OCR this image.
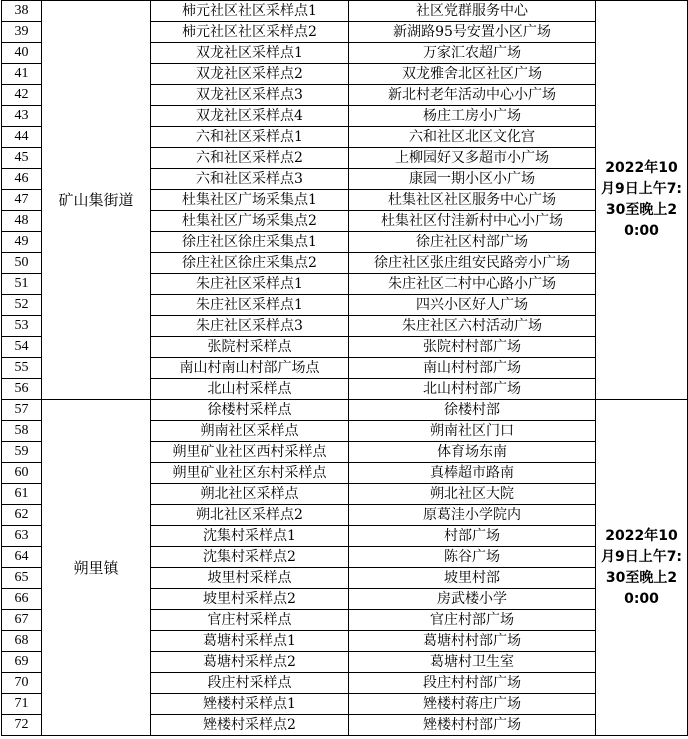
38	矿山集街道	柿元社区社区采样点1	社区党群服务中心	2022年10月9日上午7:30至晚上20:00

39		柿元社区社区采样点2	新湖路95号安置小区广场	
40		双龙社区采样点1	万家汇农超广场	
41		双龙社区采样点2	双龙雅舍北区社区广场	
42		双龙社区采样点3	新北村老年活动中心小广场	
43		双龙社区采样点4	杨庄工房小广场	
44		六和社区采样点1	六和社区北区文化宫	
45		六和社区采样点2	上柳园好又多超市小广场	
46		六和社区采样点3	康园一期小区小广场	
47		杜集社区广场采集点1	杜集社区社区服务中心广场	
48		杜集社区广场采集点2	杜集社区付洼新村中心小广场	
49		徐庄社区徐庄采集点1	徐庄社区村部广场	
50		徐庄社区徐庄采集点2	徐庄社区张庄组安民路旁小广场	
51		朱庄社区采样点1	朱庄社区二村中心路小广场	
52		朱庄社区采样点1	四兴小区好人广场	
53		朱庄社区采样点3	朱庄社区六村活动广场	
54		张院村采样点	张院村村部广场	
55		南山村南山村部广场点	南山村村部广场	
56		北山村采样点	北山村村部广场	
57	朔里镇	徐楼村采样点	徐楼村部	2022年10月9日上午7:30至晚上20:00

58		朔南社区采样点	朔南社区门口	
59		朔里矿业社区西村采样点	体育场东南	
60		朔里矿业社区东村采样点	真棒超市路南	
61		朔北社区采样点	朔北社区大院	
62		朔北社区采样点2	原葛洼小学院内	
63		沈集村采样点1	村部广场	
64		沈集村采样点2	陈谷广场	
65		坡里村采样点	坡里村部	
66		坡里村采样点2	房武楼小学	
67		官庄村采样点	官庄村部广场	
68		葛塘村采样点1	葛塘村村部广场	
69		葛塘村采样点2	葛塘村卫生室	
70		段庄村采样点	段庄村村部广场	
71		矬楼村采样点1	矬楼村蒋庄广场	
72		矬楼村采样点2	矬楼村村部广场	
